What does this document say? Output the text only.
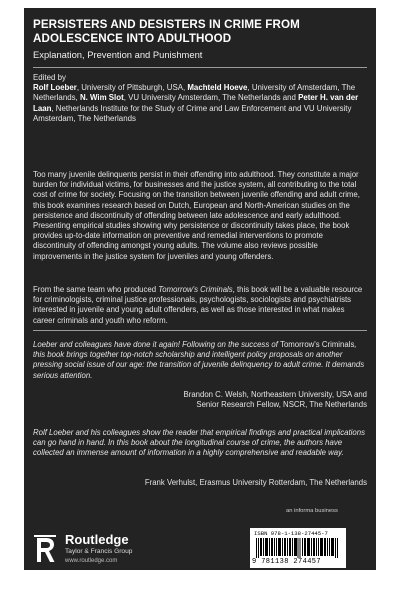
PERSISTERS AND DESISTERS IN CRIME FROM ADOLESCENCE INTO ADULTHOOD
Explanation, Prevention and Punishment
Edited by
Rolf Loeber, University of Pittsburgh, USA, Machteld Hoeve, University of Amsterdam, The Netherlands, N. Wim Slot, VU University Amsterdam, The Netherlands and Peter H. van der Laan, Netherlands Institute for the Study of Crime and Law Enforcement and VU University Amsterdam, The Netherlands

Too many juvenile delinquents persist in their offending into adulthood. They constitute a major burden for individual victims, for businesses and the justice system, all contributing to the total cost of crime for society. Focusing on the transition between juvenile offending and adult crime, this book examines research based on Dutch, European and North-American studies on the persistence and discontinuity of offending between late adolescence and early adulthood. Presenting empirical studies showing why persistence or discontinuity takes place, the book provides up-to-date information on preventive and remedial interventions to promote discontinuity of offending amongst young adults. The volume also reviews possible improvements in the justice system for juveniles and young offenders.

From the same team who produced Tomorrow's Criminals, this book will be a valuable resource for criminologists, criminal justice professionals, psychologists, sociologists and psychiatrists interested in juvenile and young adult offenders, as well as those interested in what makes career criminals and youth who reform.

Loeber and colleagues have done it again! Following on the success of Tomorrow's Criminals, this book brings together top-notch scholarship and intelligent policy proposals on another pressing social issue of our age: the transition of juvenile delinquency to adult crime. It demands serious attention.

Brandon C. Welsh, Northeastern University, USA and
Senior Research Fellow, NSCR, The Netherlands

Rolf Loeber and his colleagues show the reader that empirical findings and practical implications can go hand in hand. In this book about the longitudinal course of crime, the authors have collected an immense amount of information in a highly comprehensive and readable way.

Frank Verhulst, Erasmus University Rotterdam, The Netherlands
an informa business
Routledge
Taylor & Francis Group
www.routledge.com
ISBN 978-1-138-27445-7
9 781138 274457
